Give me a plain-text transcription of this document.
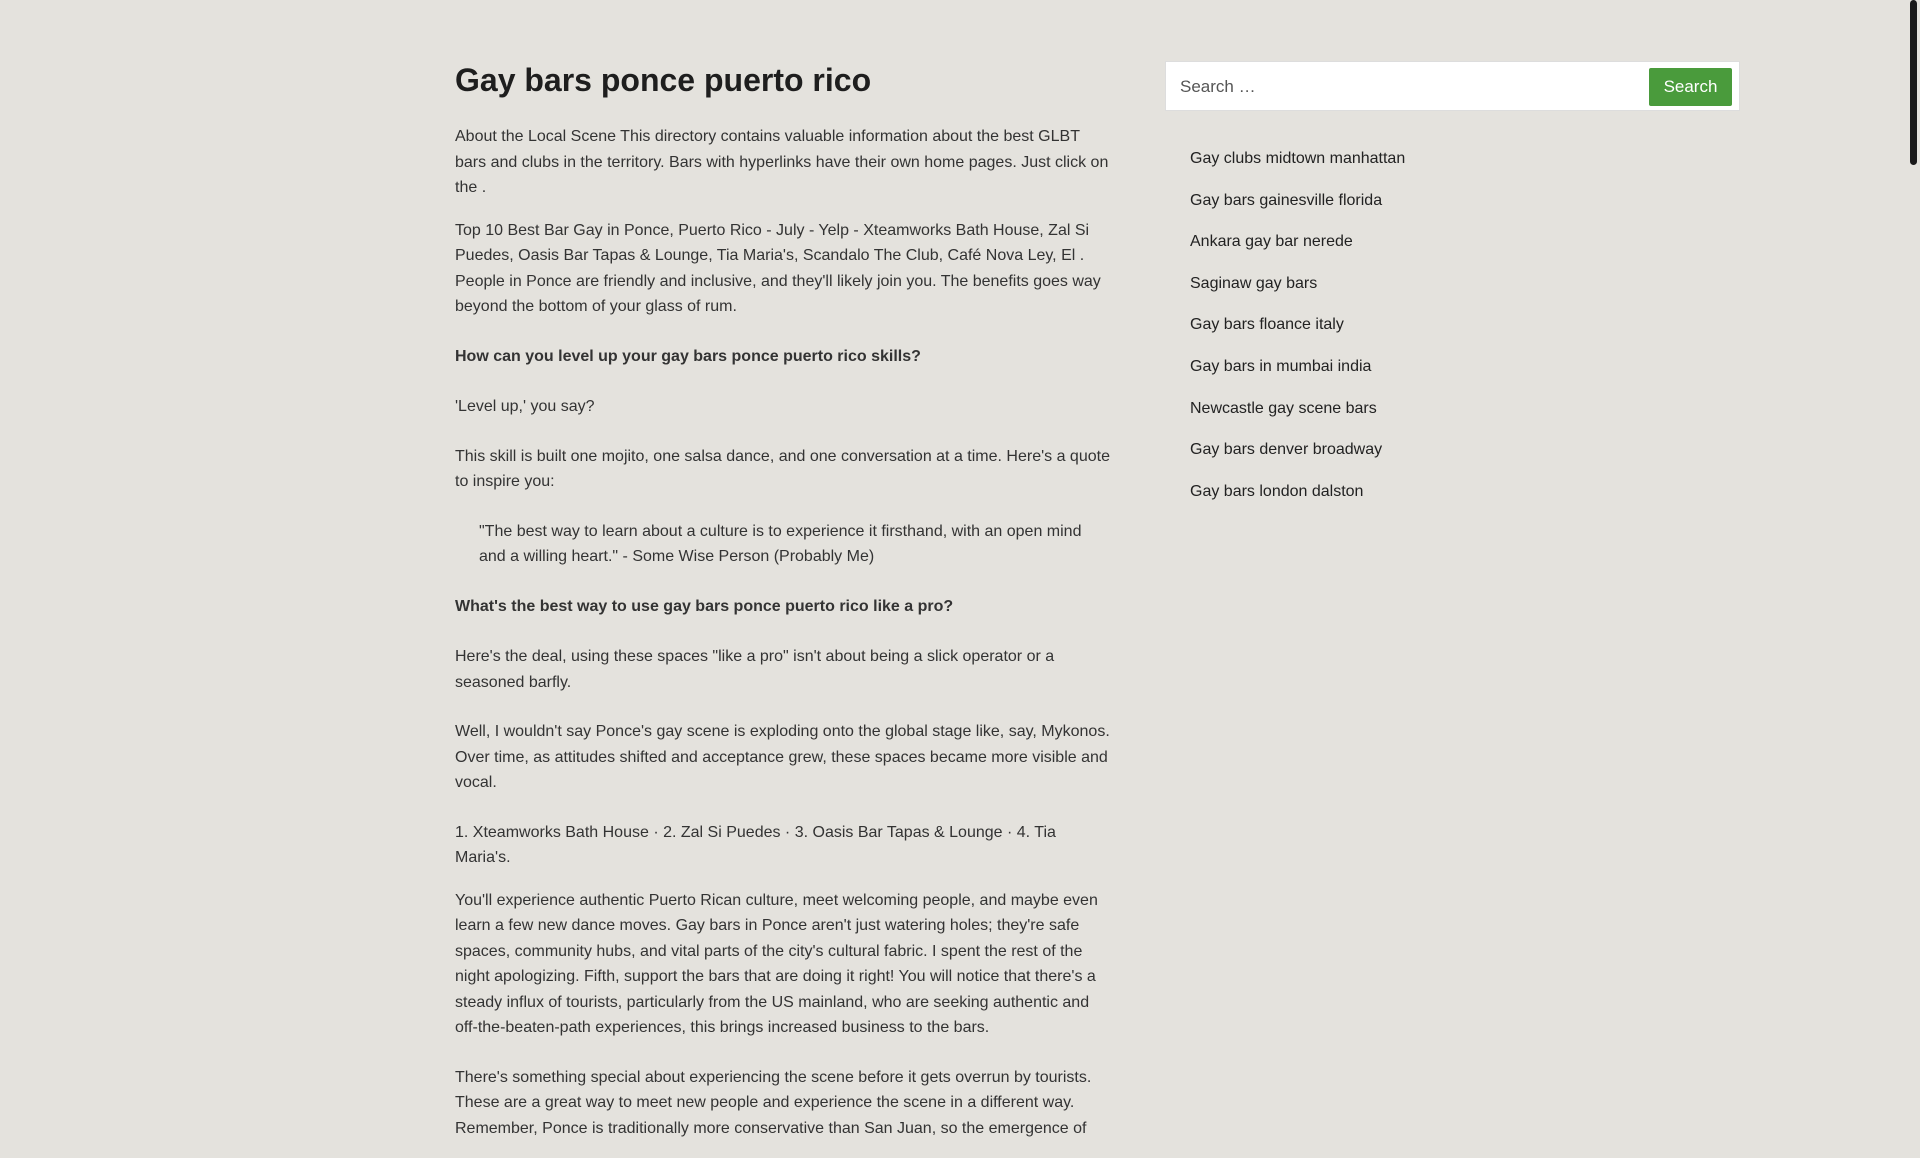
Gay bars ponce puerto rico

About the Local Scene This directory contains valuable information about the best GLBT bars and clubs in the territory. Bars with hyperlinks have their own home pages. Just click on the .

Top 10 Best Bar Gay in Ponce, Puerto Rico - July - Yelp - Xteamworks Bath House, Zal Si Puedes, Oasis Bar Tapas & Lounge, Tia Maria's, Scandalo The Club, Café Nova Ley, El . People in Ponce are friendly and inclusive, and they'll likely join you. The benefits goes way beyond the bottom of your glass of rum.

How can you level up your gay bars ponce puerto rico skills?

'Level up,' you say?

This skill is built one mojito, one salsa dance, and one conversation at a time. Here's a quote to inspire you:

"The best way to learn about a culture is to experience it firsthand, with an open mind and a willing heart." - Some Wise Person (Probably Me)

What's the best way to use gay bars ponce puerto rico like a pro?

Here's the deal, using these spaces "like a pro" isn't about being a slick operator or a seasoned barfly.

Well, I wouldn't say Ponce's gay scene is exploding onto the global stage like, say, Mykonos. Over time, as attitudes shifted and acceptance grew, these spaces became more visible and vocal.

1. Xteamworks Bath House · 2. Zal Si Puedes · 3. Oasis Bar Tapas & Lounge · 4. Tia Maria's.

You'll experience authentic Puerto Rican culture, meet welcoming people, and maybe even learn a few new dance moves. Gay bars in Ponce aren't just watering holes; they're safe spaces, community hubs, and vital parts of the city's cultural fabric. I spent the rest of the night apologizing. Fifth, support the bars that are doing it right! You will notice that there's a steady influx of tourists, particularly from the US mainland, who are seeking authentic and off-the-beaten-path experiences, this brings increased business to the bars.

There's something special about experiencing the scene before it gets overrun by tourists. These are a great way to meet new people and experience the scene in a different way. Remember, Ponce is traditionally more conservative than San Juan, so the emergence of

Search …
Search
Gay clubs midtown manhattan
Gay bars gainesville florida
Ankara gay bar nerede
Saginaw gay bars
Gay bars floance italy
Gay bars in mumbai india
Newcastle gay scene bars
Gay bars denver broadway
Gay bars london dalston
